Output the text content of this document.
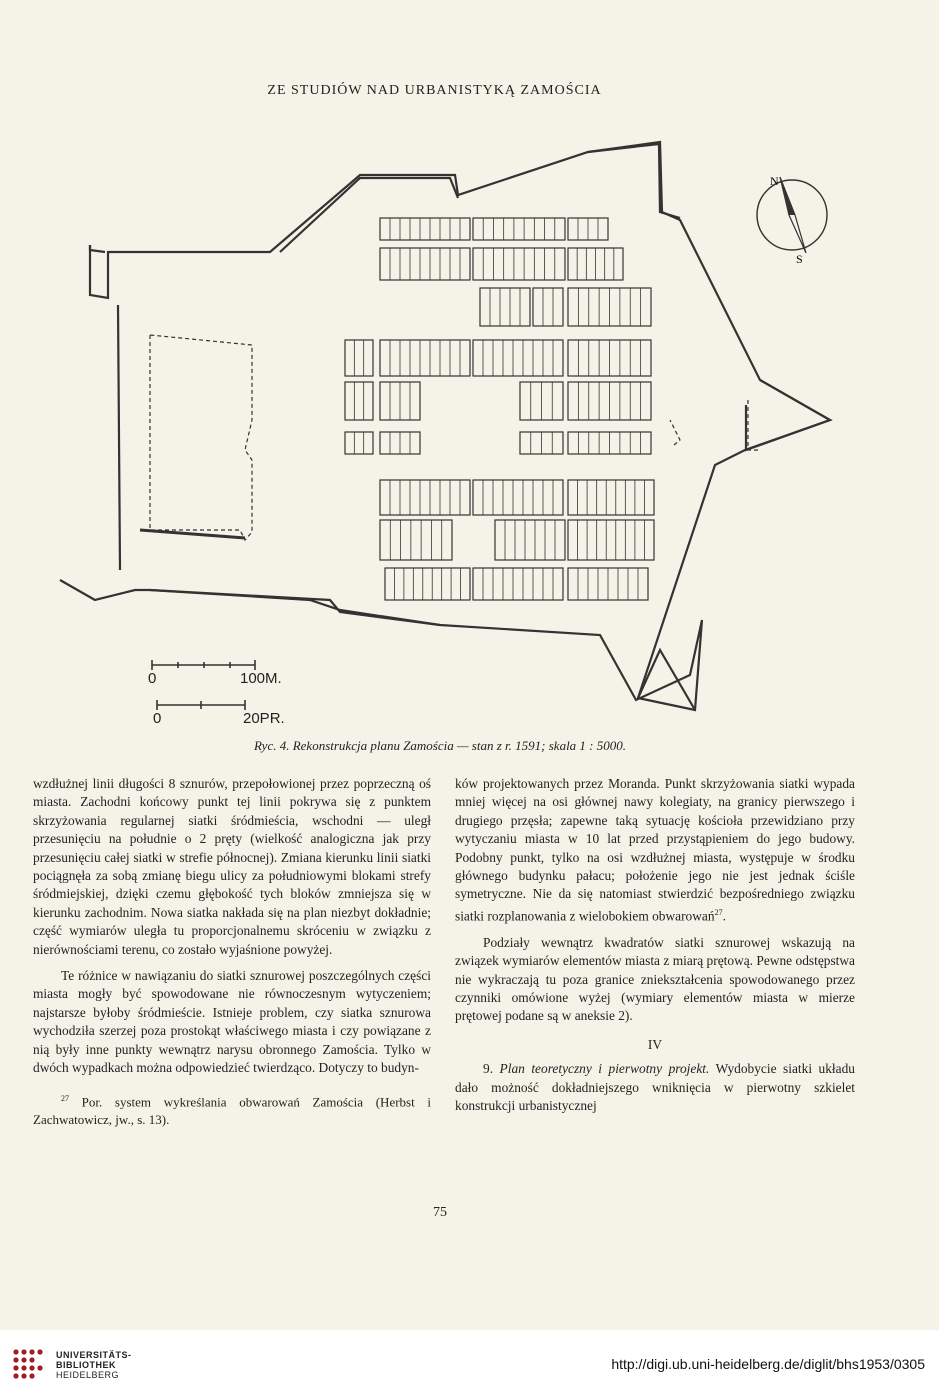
ZE STUDIÓW NAD URBANISTYKĄ ZAMOŚCIA
N
S
0	100M.
0	20PR.
Ryc. 4. Rekonstrukcja planu Zamościa — stan z r. 1591; skala 1 : 5000.

wzdłużnej linii długości 8 sznurów, przepołowionej przez poprzeczną oś miasta. Zachodni końcowy punkt tej linii pokrywa się z punktem skrzyżowania regularnej siatki śródmieścia, wschodni — uległ przesunięciu na południe o 2 pręty (wielkość analogiczna jak przy przesunięciu całej siatki w strefie północnej). Zmiana kierunku linii siatki pociągnęła za sobą zmianę biegu ulicy za południowymi blokami strefy śródmiejskiej, dzięki czemu głębokość tych bloków zmniejsza się w kierunku zachodnim. Nowa siatka nakłada się na plan niezbyt dokładnie; część wymiarów uległa tu proporcjonalnemu skróceniu w związku z nierównościami terenu, co zostało wyjaśnione powyżej.

Te różnice w nawiązaniu do siatki sznurowej poszczególnych części miasta mogły być spowodowane nie równoczesnym wytyczeniem; najstarsze byłoby śródmieście. Istnieje problem, czy siatka sznurowa wychodziła szerzej poza prostokąt właściwego miasta i czy powiązane z nią były inne punkty wewnątrz narysu obronnego Zamościa. Tylko w dwóch wypadkach można odpowiedzieć twierdząco. Dotyczy to budyn-

$^{27}$ Por. system wykreślania obwarowań Zamościa (Herbst i Zachwatowicz, jw., s. 13).

ków projektowanych przez Moranda. Punkt skrzyżowania siatki wypada mniej więcej na osi głównej nawy kolegiaty, na granicy pierwszego i drugiego przęsła; zapewne taką sytuację kościoła przewidziano przy wytyczaniu miasta w 10 lat przed przystąpieniem do jego budowy. Podobny punkt, tylko na osi wzdłużnej miasta, występuje w środku głównego budynku pałacu; położenie jego nie jest jednak ściśle symetryczne. Nie da się natomiast stwierdzić bezpośredniego związku siatki rozplanowania z wielobokiem obwarowań$^{27}$.

Podziały wewnątrz kwadratów siatki sznurowej wskazują na związek wymiarów elementów miasta z miarą prętową. Pewne odstępstwa nie wykraczają tu poza granice zniekształcenia spowodowanego przez czynniki omówione wyżej (wymiary elementów miasta w mierze prętowej podane są w aneksie 2).

IV

9. Plan teoretyczny i pierwotny projekt. Wydobycie siatki układu dało możność dokładniejszego wniknięcia w pierwotny szkielet konstrukcji urbanistycznej

75
UNIVERSITÄTS-
BIBLIOTHEK
HEIDELBERG
http://digi.ub.uni-heidelberg.de/diglit/bhs1953/0305
